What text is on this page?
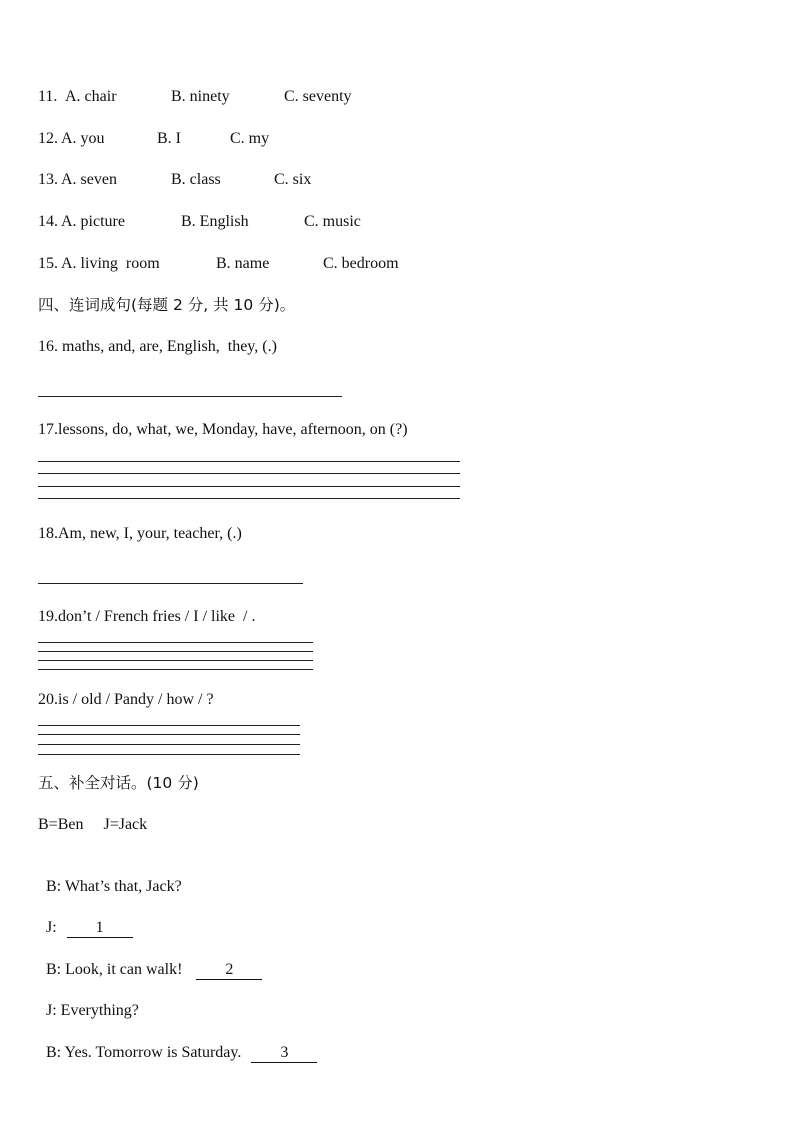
11. A. chair	B. ninety	C. seventy
12. A. you	B. I	C. my
13. A. seven	B. class	C. six
14. A. picture	B. English	C. music
15. A. living  room	B. name	C. bedroom
四、连词成句(每题 2 分, 共 10 分)。
16. maths, and, are, English,  they, (.)
17.lessons, do, what, we, Monday, have, afternoon, on (?)
18.Am, new, I, your, teacher, (.)
19.don’t / French fries / I / like  / .
20.is / old / Pandy / how / ?
五、补全对话。(10 分)
B=Ben     J=Jack

B: What’s that, Jack?

J: 1

B: Look, it can walk!  2

J: Everything?

B: Yes. Tomorrow is Saturday. 3
